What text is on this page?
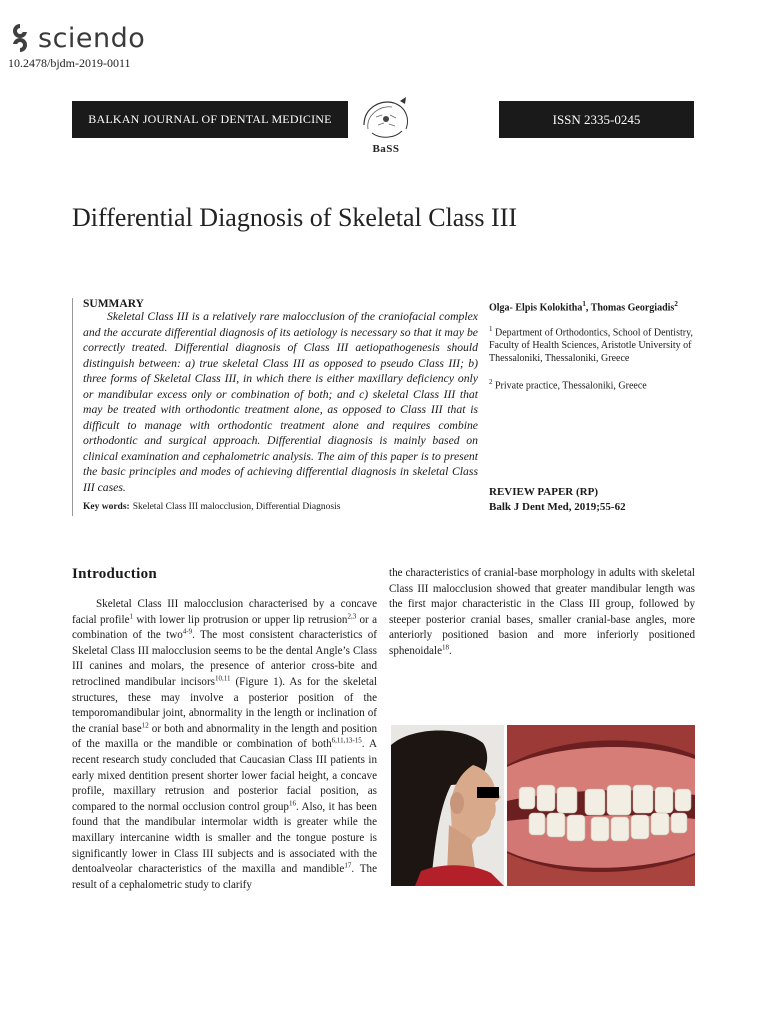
sciendo
10.2478/bjdm-2019-0011
BALKAN JOURNAL OF DENTAL MEDICINE
BaSS
ISSN 2335-0245
Differential Diagnosis of Skeletal Class III
SUMMARY
Skeletal Class III is a relatively rare malocclusion of the craniofacial complex and the accurate differential diagnosis of its aetiology is necessary so that it may be correctly treated. Differential diagnosis of Class III aetiopathogenesis should distinguish between: a) true skeletal Class III as opposed to pseudo Class III; b) three forms of Skeletal Class III, in which there is either maxillary deficiency only or mandibular excess only or combination of both; and c) skeletal Class III that may be treated with orthodontic treatment alone, as opposed to Class III that is difficult to manage with orthodontic treatment alone and requires combine orthodontic and surgical approach. Differential diagnosis is mainly based on clinical examination and cephalometric analysis. The aim of this paper is to present the basic principles and modes of achieving differential diagnosis in skeletal Class III cases.
Key words: Skeletal Class III malocclusion, Differential Diagnosis
Olga- Elpis Kolokitha$^1$, Thomas Georgiadis$^2$
$^1$ Department of Orthodontics, School of Dentistry, Faculty of Health Sciences, Aristotle University of Thessaloniki, Thessaloniki, Greece
$^2$ Private practice, Thessaloniki, Greece
REVIEW PAPER (RP)
Balk J Dent Med, 2019;55-62
Introduction
Skeletal Class III malocclusion characterised by a concave facial profile$^1$ with lower lip protrusion or upper lip retrusion$^{2,3}$ or a combination of the two$^{4-9}$. The most consistent characteristics of Skeletal Class III malocclusion seems to be the dental Angle’s Class III canines and molars, the presence of anterior cross-bite and retroclined mandibular incisors$^{10,11}$ (Figure 1). As for the skeletal structures, these may involve a posterior position of the temporomandibular joint, abnormality in the length or inclination of the cranial base$^{12}$ or both and abnormality in the length and position of the maxilla or the mandible or combination of both$^{6,11,13-15}$. A recent research study concluded that Caucasian Class III patients in early mixed dentition present shorter lower facial height, a concave profile, maxillary retrusion and posterior facial position, as compared to the normal occlusion control group$^{16}$. Also, it has been found that the mandibular intermolar width is greater while the maxillary intercanine width is smaller and the tongue posture is significantly lower in Class III subjects and is associated with the dentoalveolar characteristics of the maxilla and mandible$^{17}$. The result of a cephalometric study to clarify
the characteristics of cranial-base morphology in adults with skeletal Class III malocclusion showed that greater mandibular length was the first major characteristic in the Class III group, followed by steeper posterior cranial bases, smaller cranial-base angles, more anteriorly positioned basion and more inferiorly positioned sphenoidale$^{18}$.
